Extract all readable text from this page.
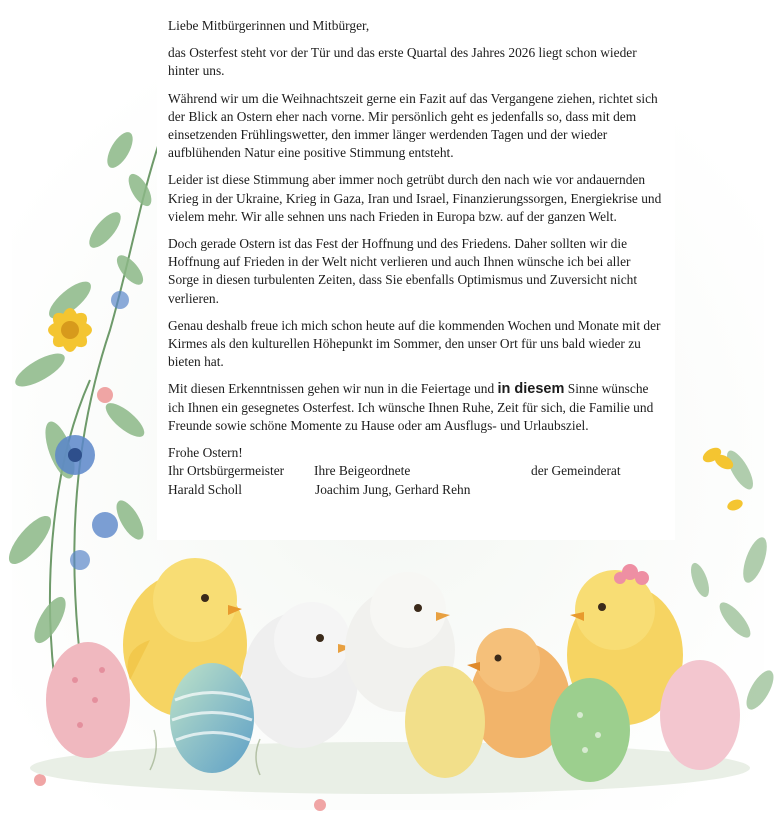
Liebe Mitbürgerinnen und Mitbürger,

das Osterfest steht vor der Tür und das erste Quartal des Jahres 2026 liegt schon wieder hinter uns.

Während wir um die Weihnachtszeit gerne ein Fazit auf das Vergangene ziehen, richtet sich der Blick an Ostern eher nach vorne. Mir persönlich geht es jedenfalls so, dass mit dem einsetzenden Frühlingswetter, den immer länger werdenden Tagen und der wieder aufblühenden Natur eine positive Stimmung entsteht.

Leider ist diese Stimmung aber immer noch getrübt durch den nach wie vor andauernden Krieg in der Ukraine, Krieg in Gaza, Iran und Israel, Finanzierungssorgen, Energiekrise und vielem mehr. Wir alle sehnen uns nach Frieden in Europa bzw. auf der ganzen Welt.

Doch gerade Ostern ist das Fest der Hoffnung und des Friedens. Daher sollten wir die Hoffnung auf Frieden in der Welt nicht verlieren und auch Ihnen wünsche ich bei aller Sorge in diesen turbulenten Zeiten, dass Sie ebenfalls Optimismus und Zuversicht nicht verlieren.

Genau deshalb freue ich mich schon heute auf die kommenden Wochen und Monate mit der Kirmes als den kulturellen Höhepunkt im Sommer, den unser Ort für uns bald wieder zu bieten hat.

Mit diesen Erkenntnissen gehen wir nun in die Feiertage und in diesem Sinne wünsche ich Ihnen ein gesegnetes Osterfest. Ich wünsche Ihnen Ruhe, Zeit für sich, die Familie und Freunde sowie schöne Momente zu Hause oder am Ausflugs- und Urlaubsziel.

Frohe Ostern!

Ihr Ortsbürgermeister Ihre Beigeordnete	der Gemeinderat
Harald Scholl	Joachim Jung, Gerhard Rehn
